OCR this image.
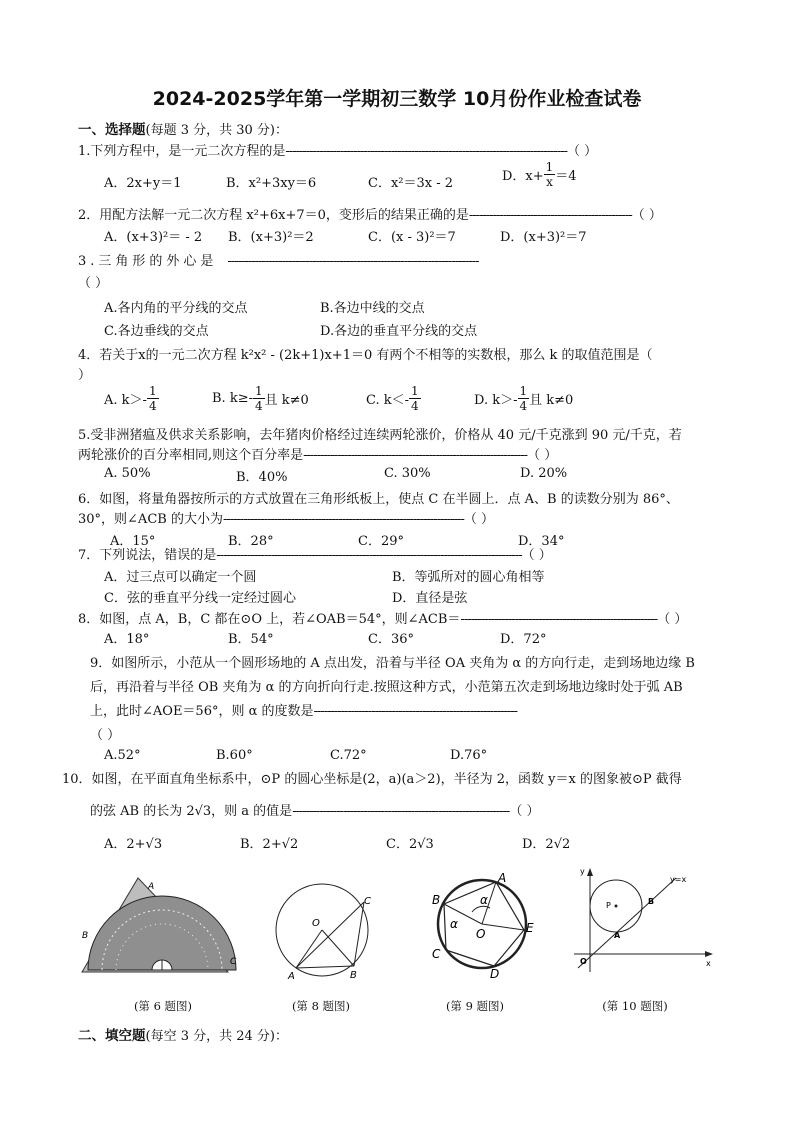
2024-2025学年第一学期初三数学 10月份作业检查试卷
一、选择题(每题 3 分，共 30 分)：
1.下列方程中，是一元二次方程的是-----------------------------------------------------------------------------------（ ）
A．2x+y＝1	B．x²+3xy＝6	C．x²＝3x - 2	D．$x+ \frac{1}{x} =4$
2．用配方法解一元二次方程 x²+6x+7＝0，变形后的结果正确的是------------------------------------------------（ ）
A．(x+3)²＝ - 2 B．(x+3)²＝2	C．(x - 3)²＝7	D．(x+3)²＝7
3.三角形的外心是 --------------------------------------------------------------------------
（ ）
A.各内角的平分线的交点	B.各边中线的交点
C.各边垂线的交点	D.各边的垂直平分线的交点
4．若关于x的一元二次方程 k²x² - (2k+1)x+1＝0 有两个不相等的实数根，那么 k 的取值范围是（
）
A. $k>- \frac{1}{4}$	B. $k\ge- \frac{1}{4}$ 且 k≠0	C. $k<- \frac{1}{4}$	D. $k>- \frac{1}{4}$ 且 k≠0
5.受非洲猪瘟及供求关系影响，去年猪肉价格经过连续两轮涨价，价格从 40 元/千克涨到 90 元/千克，若
两轮涨价的百分率相同,则这个百分率是------------------------------------------------------------------（ ）
A. 50%	B．40%	C. 30%	D. 20%
6．如图，将量角器按所示的方式放置在三角形纸板上，使点 C 在半圆上．点 A、B 的读数分别为 86°、
30°，则∠ACB 的大小为-----------------------------------------------------------------------（ ）
A．15°	B．28°	C．29°	D．34°
7．下列说法，错误的是------------------------------------------------------------------------------------------（ ）
A．过三点可以确定一个圆	B．等弧所对的圆心角相等
C．弦的垂直平分线一定经过圆心	D．直径是弦
8．如图，点 A，B，C 都在⊙O 上，若∠OAB＝54°，则∠ACB＝----------------------------------------------------------（ ）
A．18°	B．54°	C．36°	D．72°
9．如图所示，小范从一个圆形场地的 A 点出发，沿着与半径 OA 夹角为 α 的方向行走，走到场地边缘 B
后，再沿着与半径 OB 夹角为 α 的方向折向行走.按照这种方式，小范第五次走到场地边缘时处于弧 AB
上，此时∠AOE＝56°，则 α 的度数是------------------------------------------------------------
（ ）
A.52°	B.60°	C.72°	D.76°
10．如图，在平面直角坐标系中，⊙P 的圆心坐标是(2，a)(a＞2)，半径为 2，函数 y＝x 的图象被⊙P 截得
的弦 AB 的长为 2√3，则 a 的值是----------------------------------------------------------------（ ）
A．2+√3	B．2+√2	C．2√3	D．2√2
A
B
C
(第 6 题图)
O
A	B
C
(第 8 题图)
A
B
C
D
E
O
α
α
(第 9 题图)
y
x
O
P
A
B
y=x
(第 10 题图)
二、填空题(每空 3 分，共 24 分)：
